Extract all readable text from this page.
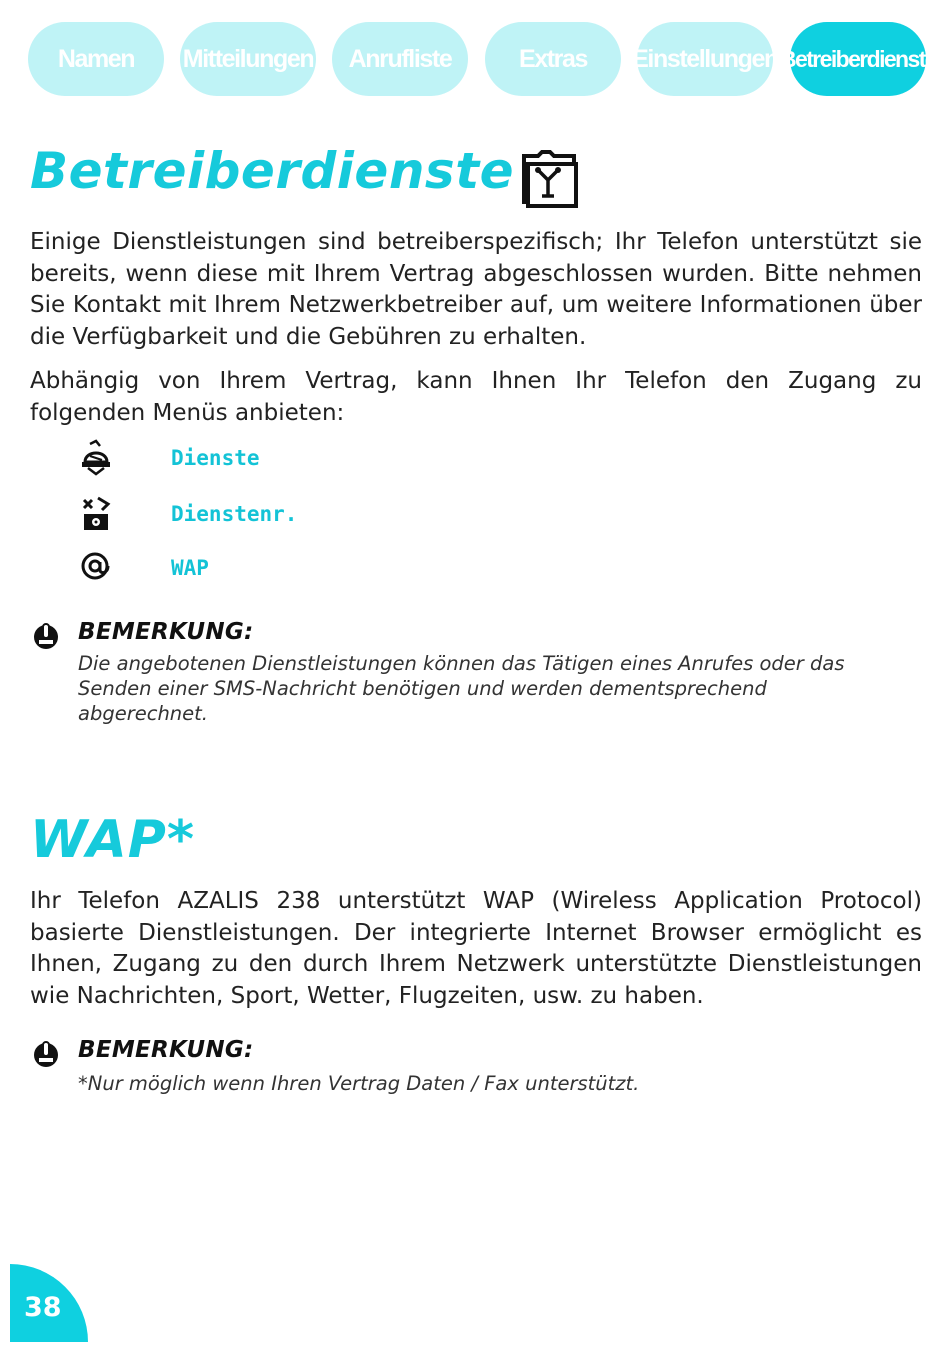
Namen	Mitteilungen	Anrufliste	Extras	Einstellungen Betreiberdienste
Betreiberdienste

Einige Dienstleistungen sind betreiberspezifisch; Ihr Telefon unterstützt sie bereits, wenn diese mit Ihrem Vertrag abgeschlossen wurden. Bitte nehmen Sie Kontakt mit Ihrem Netzwerkbetreiber auf, um weitere Informationen über die Verfügbarkeit und die Gebühren zu erhalten.

Abhängig von Ihrem Vertrag, kann Ihnen Ihr Telefon den Zugang zu folgenden Menüs anbieten:

Dienste
Dienstenr.
WAP

BEMERKUNG:

Die angebotenen Dienstleistungen können das Tätigen eines Anrufes oder das Senden einer SMS-Nachricht benötigen und werden dementsprechend abgerechnet.

WAP*

Ihr Telefon AZALIS 238 unterstützt WAP (Wireless Application Protocol) basierte Dienstleistungen. Der integrierte Internet Browser ermöglicht es Ihnen, Zugang zu den durch Ihrem Netzwerk unterstützte Dienstleistungen wie Nachrichten, Sport, Wetter, Flugzeiten, usw. zu haben.

BEMERKUNG:

*Nur möglich wenn Ihren Vertrag Daten / Fax unterstützt.

38
